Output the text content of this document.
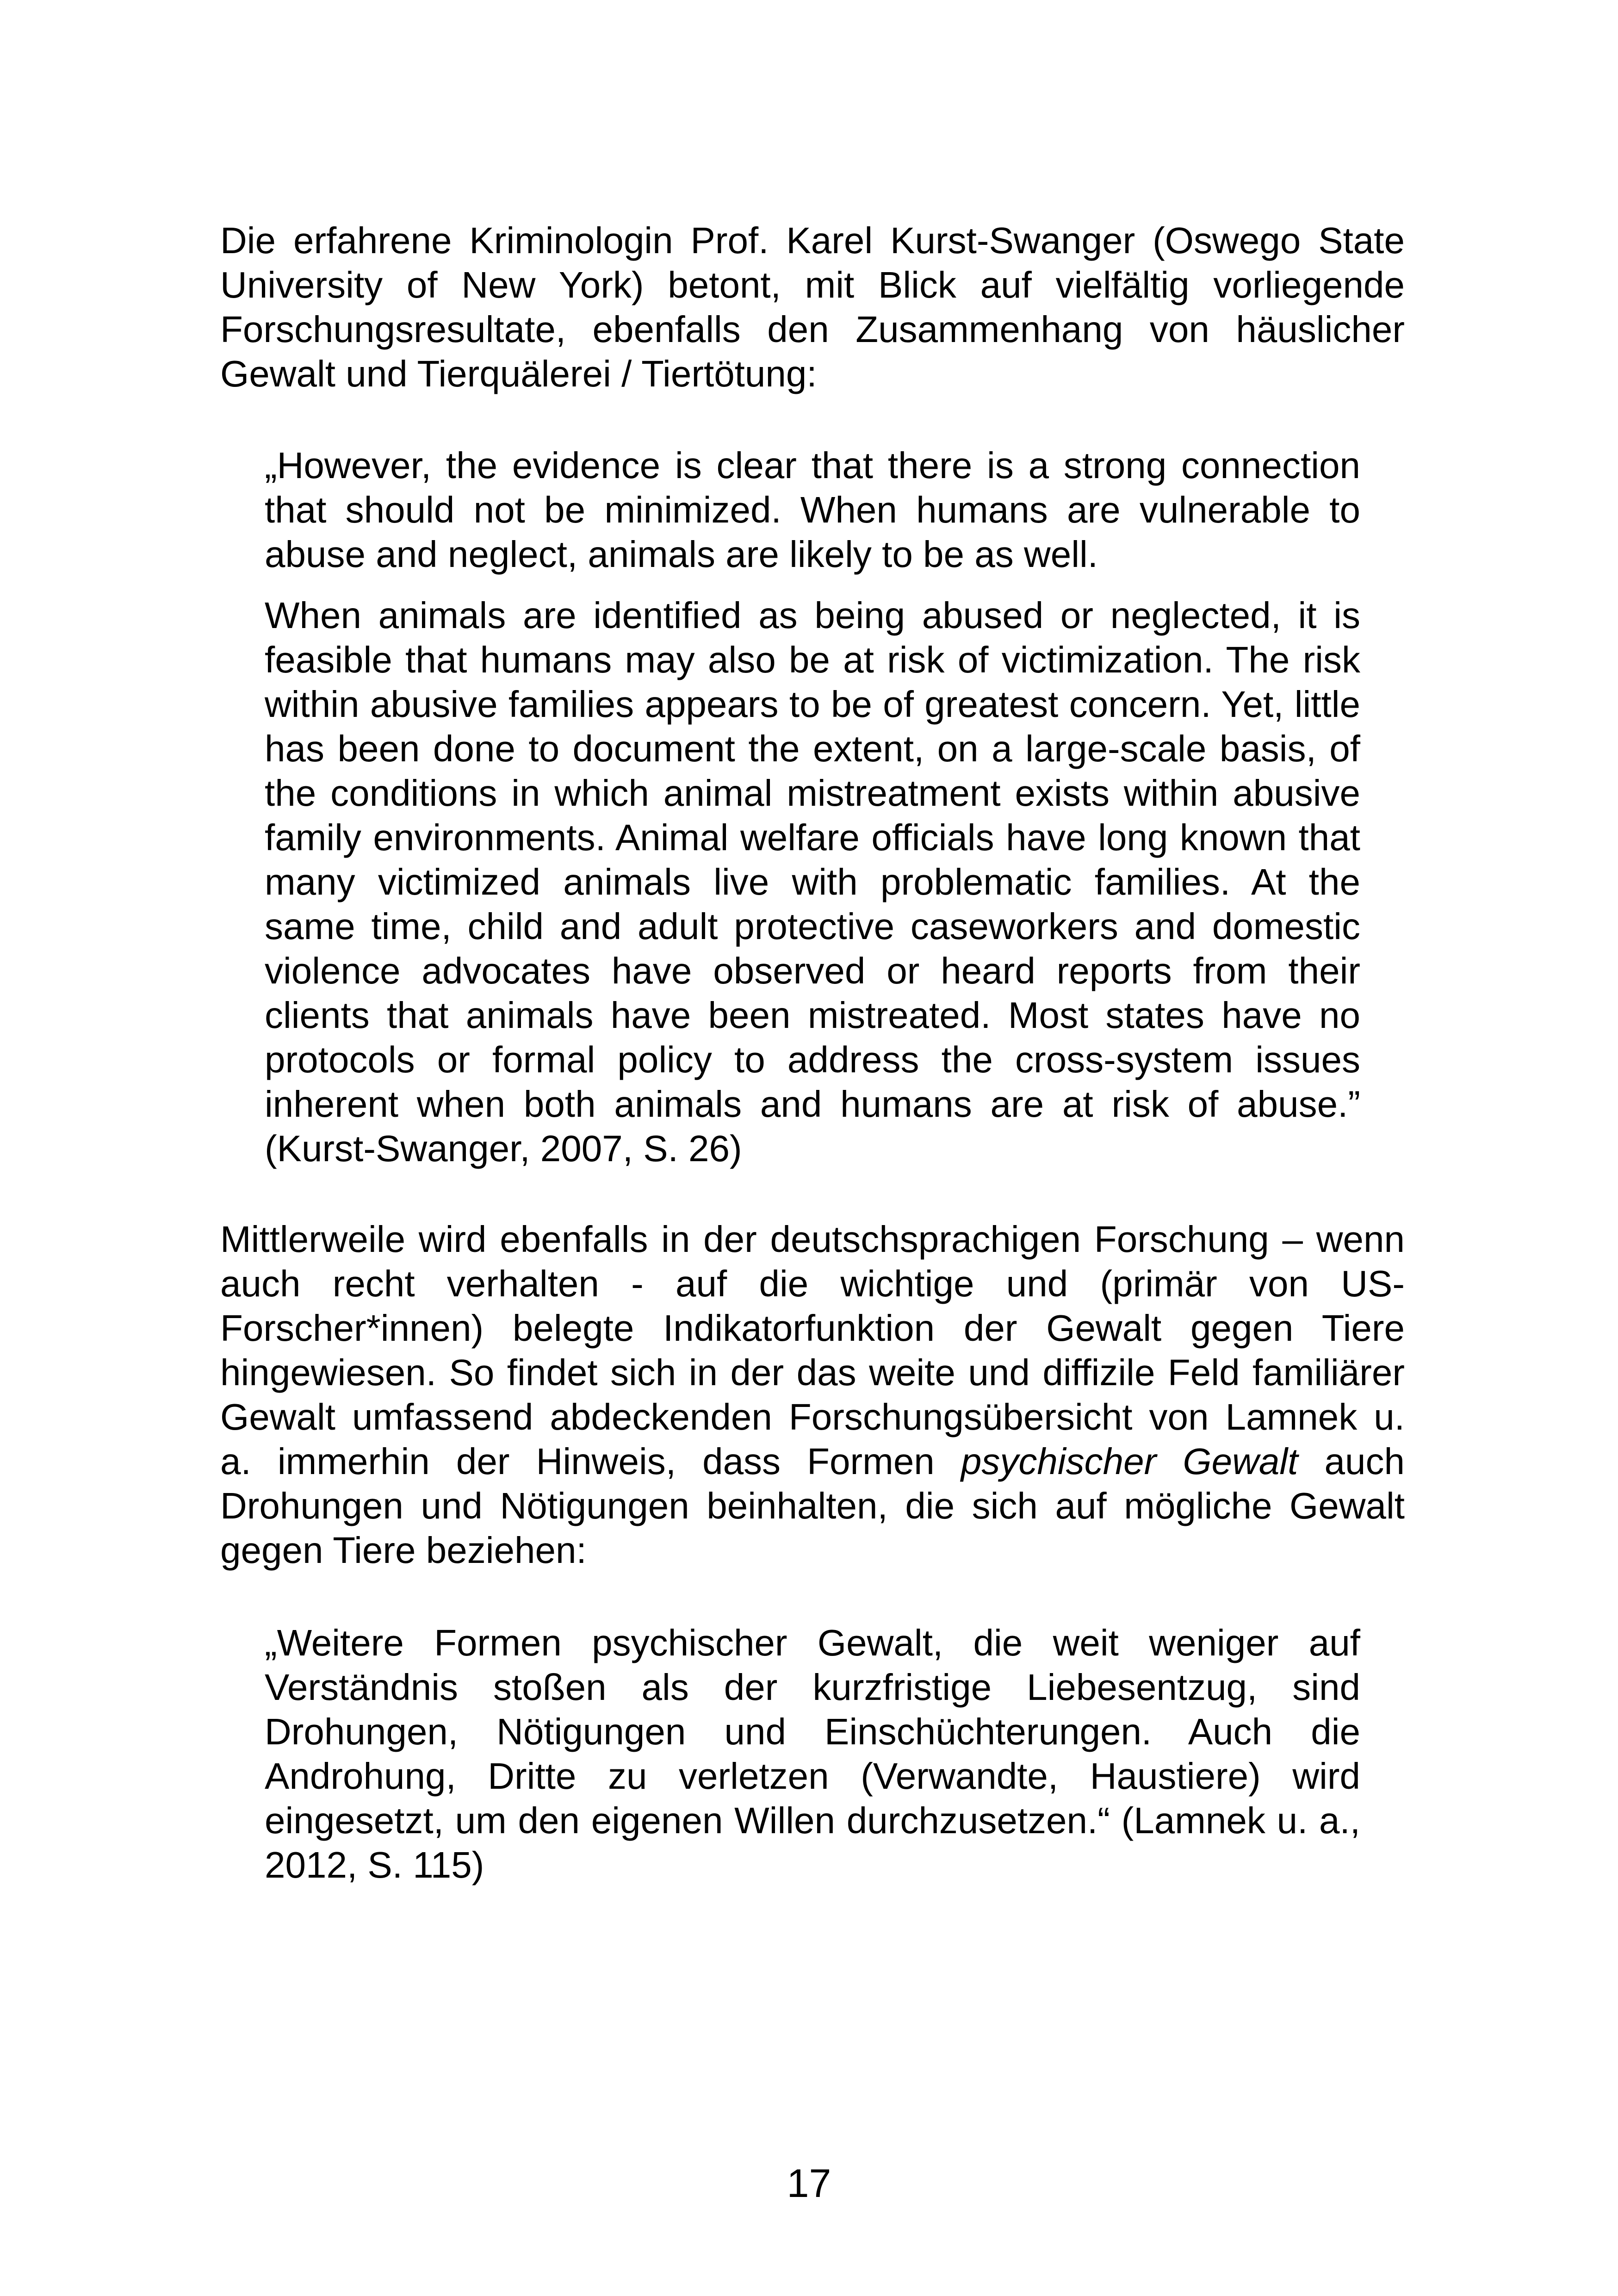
Die erfahrene Kriminologin Prof. Karel Kurst-Swanger (Oswego State University of New York) betont, mit Blick auf vielfältig vorliegende Forschungsresultate, ebenfalls den Zusammenhang von häuslicher Gewalt und Tierquälerei / Tiertötung:

„However, the evidence is clear that there is a strong connection that should not be minimized. When humans are vulnerable to abuse and neglect, animals are likely to be as well.

When animals are identified as being abused or neglected, it is feasible that humans may also be at risk of victimization. The risk within abusive families appears to be of greatest concern. Yet, little has been done to document the extent, on a large-scale basis, of the conditions in which animal mistreatment exists within abusive family environments. Animal welfare officials have long known that many victimized animals live with problematic families. At the same time, child and adult protective caseworkers and domestic violence advocates have observed or heard reports from their clients that animals have been mistreated. Most states have no protocols or formal policy to address the cross-system issues inherent when both animals and humans are at risk of abuse.” (Kurst-Swanger, 2007, S. 26)

Mittlerweile wird ebenfalls in der deutschsprachigen Forschung – wenn auch recht verhalten - auf die wichtige und (primär von US-Forscher*innen) belegte Indikatorfunktion der Gewalt gegen Tiere hingewiesen. So findet sich in der das weite und diffizile Feld familiärer Gewalt umfassend abdeckenden Forschungsübersicht von Lamnek u. a. immerhin der Hinweis, dass Formen psychischer Gewalt auch Drohungen und Nötigungen beinhalten, die sich auf mögliche Gewalt gegen Tiere beziehen:

„Weitere Formen psychischer Gewalt, die weit weniger auf Verständnis stoßen als der kurzfristige Liebesentzug, sind Drohungen, Nötigungen und Einschüchterungen. Auch die Androhung, Dritte zu verletzen (Verwandte, Haustiere) wird eingesetzt, um den eigenen Willen durchzusetzen.“ (Lamnek u. a., 2012, S. 115)

17
